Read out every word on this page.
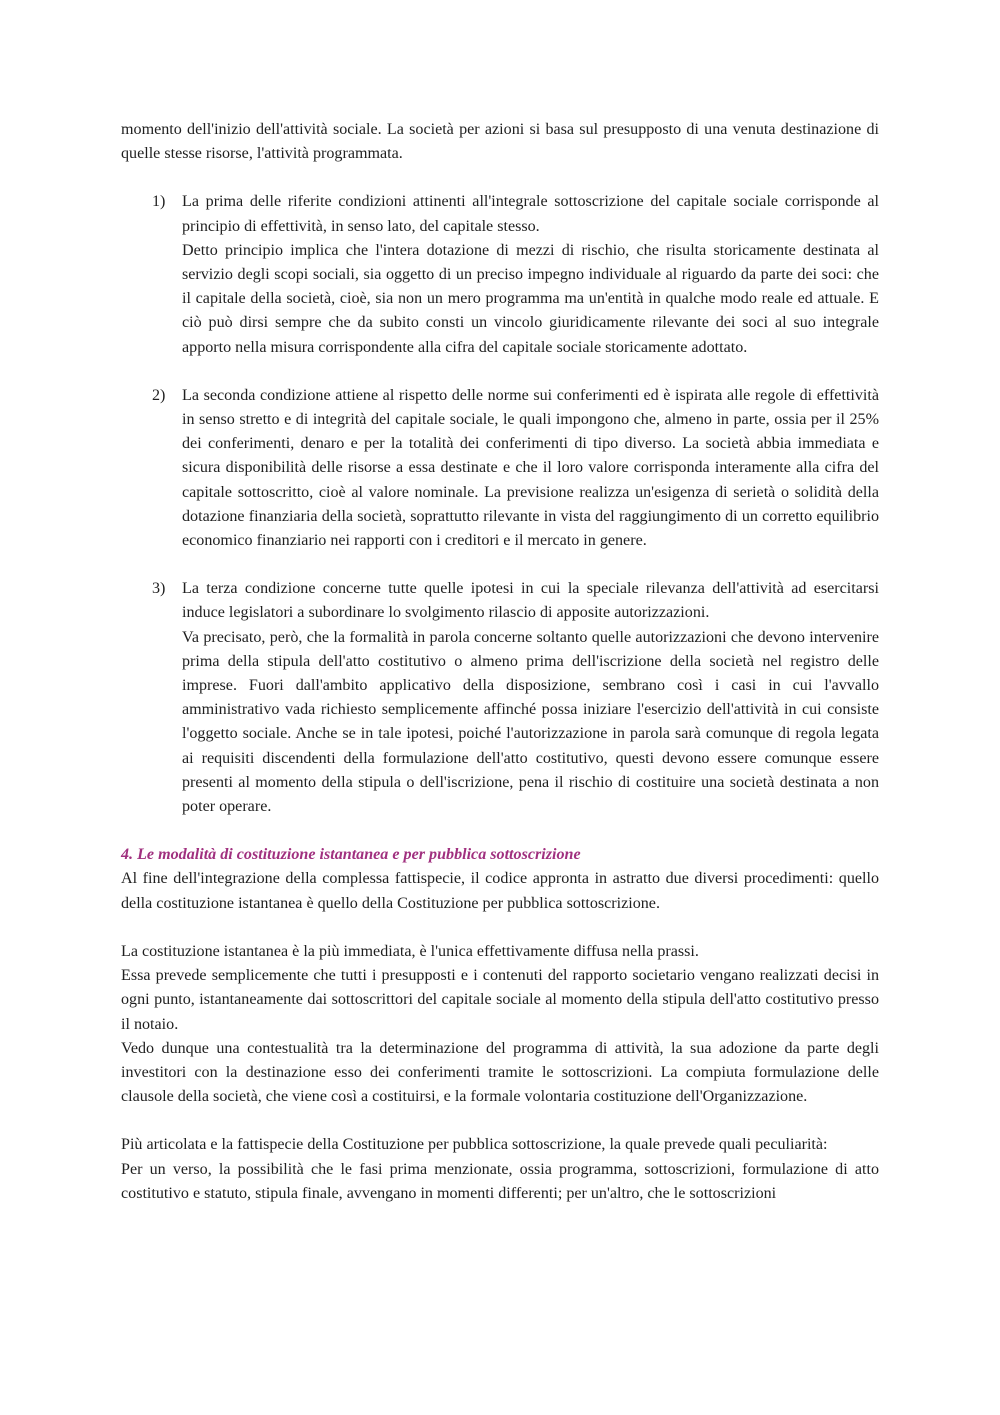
momento dell'inizio dell'attività sociale. La società per azioni si basa sul presupposto di una venuta destinazione di quelle stesse risorse, l'attività programmata.

1) La prima delle riferite condizioni attinenti all'integrale sottoscrizione del capitale sociale corrisponde al principio di effettività, in senso lato, del capitale stesso.

Detto principio implica che l'intera dotazione di mezzi di rischio, che risulta storicamente destinata al servizio degli scopi sociali, sia oggetto di un preciso impegno individuale al riguardo da parte dei soci: che il capitale della società, cioè, sia non un mero programma ma un'entità in qualche modo reale ed attuale. E ciò può dirsi sempre che da subito consti un vincolo giuridicamente rilevante dei soci al suo integrale apporto nella misura corrispondente alla cifra del capitale sociale storicamente adottato.

2) La seconda condizione attiene al rispetto delle norme sui conferimenti ed è ispirata alle regole di effettività in senso stretto e di integrità del capitale sociale, le quali impongono che, almeno in parte, ossia per il 25% dei conferimenti, denaro e per la totalità dei conferimenti di tipo diverso. La società abbia immediata e sicura disponibilità delle risorse a essa destinate e che il loro valore corrisponda interamente alla cifra del capitale sottoscritto, cioè al valore nominale. La previsione realizza un'esigenza di serietà o solidità della dotazione finanziaria della società, soprattutto rilevante in vista del raggiungimento di un corretto equilibrio economico finanziario nei rapporti con i creditori e il mercato in genere.

3) La terza condizione concerne tutte quelle ipotesi in cui la speciale rilevanza dell'attività ad esercitarsi induce legislatori a subordinare lo svolgimento rilascio di apposite autorizzazioni.

Va precisato, però, che la formalità in parola concerne soltanto quelle autorizzazioni che devono intervenire prima della stipula dell'atto costitutivo o almeno prima dell'iscrizione della società nel registro delle imprese. Fuori dall'ambito applicativo della disposizione, sembrano così i casi in cui l'avvallo amministrativo vada richiesto semplicemente affinché possa iniziare l'esercizio dell'attività in cui consiste l'oggetto sociale. Anche se in tale ipotesi, poiché l'autorizzazione in parola sarà comunque di regola legata ai requisiti discendenti della formulazione dell'atto costitutivo, questi devono essere comunque essere presenti al momento della stipula o dell'iscrizione, pena il rischio di costituire una società destinata a non poter operare.

4. Le modalità di costituzione istantanea e per pubblica sottoscrizione

Al fine dell'integrazione della complessa fattispecie, il codice appronta in astratto due diversi procedimenti: quello della costituzione istantanea è quello della Costituzione per pubblica sottoscrizione.

La costituzione istantanea è la più immediata, è l'unica effettivamente diffusa nella prassi.

Essa prevede semplicemente che tutti i presupposti e i contenuti del rapporto societario vengano realizzati decisi in ogni punto, istantaneamente dai sottoscrittori del capitale sociale al momento della stipula dell'atto costitutivo presso il notaio.

Vedo dunque una contestualità tra la determinazione del programma di attività, la sua adozione da parte degli investitori con la destinazione esso dei conferimenti tramite le sottoscrizioni. La compiuta formulazione delle clausole della società, che viene così a costituirsi, e la formale volontaria costituzione dell'Organizzazione.

Più articolata e la fattispecie della Costituzione per pubblica sottoscrizione, la quale prevede quali peculiarità:

Per un verso, la possibilità che le fasi prima menzionate, ossia programma, sottoscrizioni, formulazione di atto costitutivo e statuto, stipula finale, avvengano in momenti differenti; per un'altro, che le sottoscrizioni
